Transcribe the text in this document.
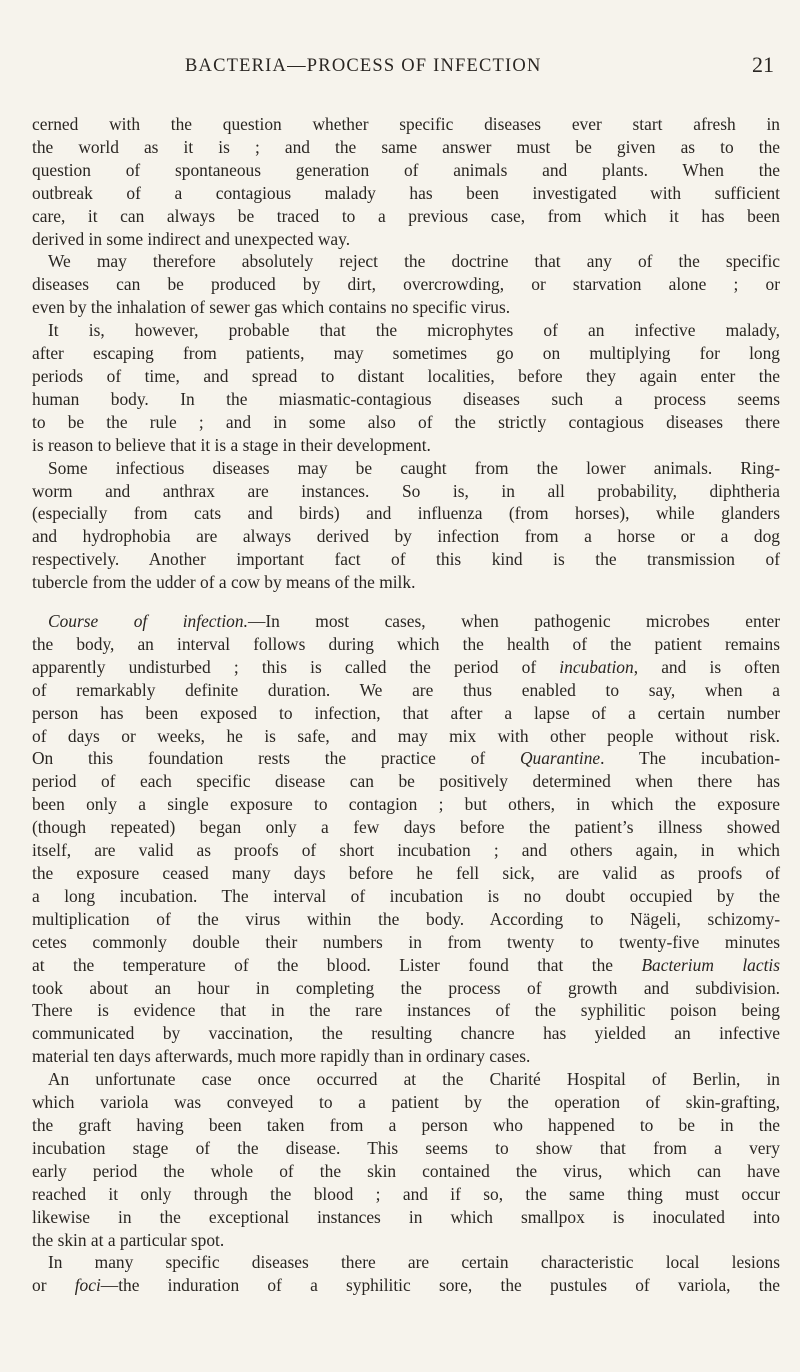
BACTERIA—PROCESS OF INFECTION	21
cerned with the question whether specific diseases ever start afresh in
the world as it is ; and the same answer must be given as to the
question of spontaneous generation of animals and plants. When the
outbreak of a contagious malady has been investigated with sufficient
care, it can always be traced to a previous case, from which it has been
derived in some indirect and unexpected way.
We may therefore absolutely reject the doctrine that any of the specific
diseases can be produced by dirt, overcrowding, or starvation alone ; or
even by the inhalation of sewer gas which contains no specific virus.
It is, however, probable that the microphytes of an infective malady,
after escaping from patients, may sometimes go on multiplying for long
periods of time, and spread to distant localities, before they again enter the
human body. In the miasmatic-contagious diseases such a process seems
to be the rule ; and in some also of the strictly contagious diseases there
is reason to believe that it is a stage in their development.
Some infectious diseases may be caught from the lower animals. Ring-
worm and anthrax are instances. So is, in all probability, diphtheria
(especially from cats and birds) and influenza (from horses), while glanders
and hydrophobia are always derived by infection from a horse or a dog
respectively. Another important fact of this kind is the transmission of
tubercle from the udder of a cow by means of the milk.
Course of infection.—In most cases, when pathogenic microbes enter
the body, an interval follows during which the health of the patient remains
apparently undisturbed ; this is called the period of incubation, and is often
of remarkably definite duration. We are thus enabled to say, when a
person has been exposed to infection, that after a lapse of a certain number
of days or weeks, he is safe, and may mix with other people without risk.
On this foundation rests the practice of Quarantine. The incubation-
period of each specific disease can be positively determined when there has
been only a single exposure to contagion ; but others, in which the exposure
(though repeated) began only a few days before the patient’s illness showed
itself, are valid as proofs of short incubation ; and others again, in which
the exposure ceased many days before he fell sick, are valid as proofs of
a long incubation. The interval of incubation is no doubt occupied by the
multiplication of the virus within the body. According to Nägeli, schizomy-
cetes commonly double their numbers in from twenty to twenty-five minutes
at the temperature of the blood. Lister found that the Bacterium lactis
took about an hour in completing the process of growth and subdivision.
There is evidence that in the rare instances of the syphilitic poison being
communicated by vaccination, the resulting chancre has yielded an infective
material ten days afterwards, much more rapidly than in ordinary cases.
An unfortunate case once occurred at the Charité Hospital of Berlin, in
which variola was conveyed to a patient by the operation of skin-grafting,
the graft having been taken from a person who happened to be in the
incubation stage of the disease. This seems to show that from a very
early period the whole of the skin contained the virus, which can have
reached it only through the blood ; and if so, the same thing must occur
likewise in the exceptional instances in which smallpox is inoculated into
the skin at a particular spot.
In many specific diseases there are certain characteristic local lesions
or foci—the induration of a syphilitic sore, the pustules of variola, the
